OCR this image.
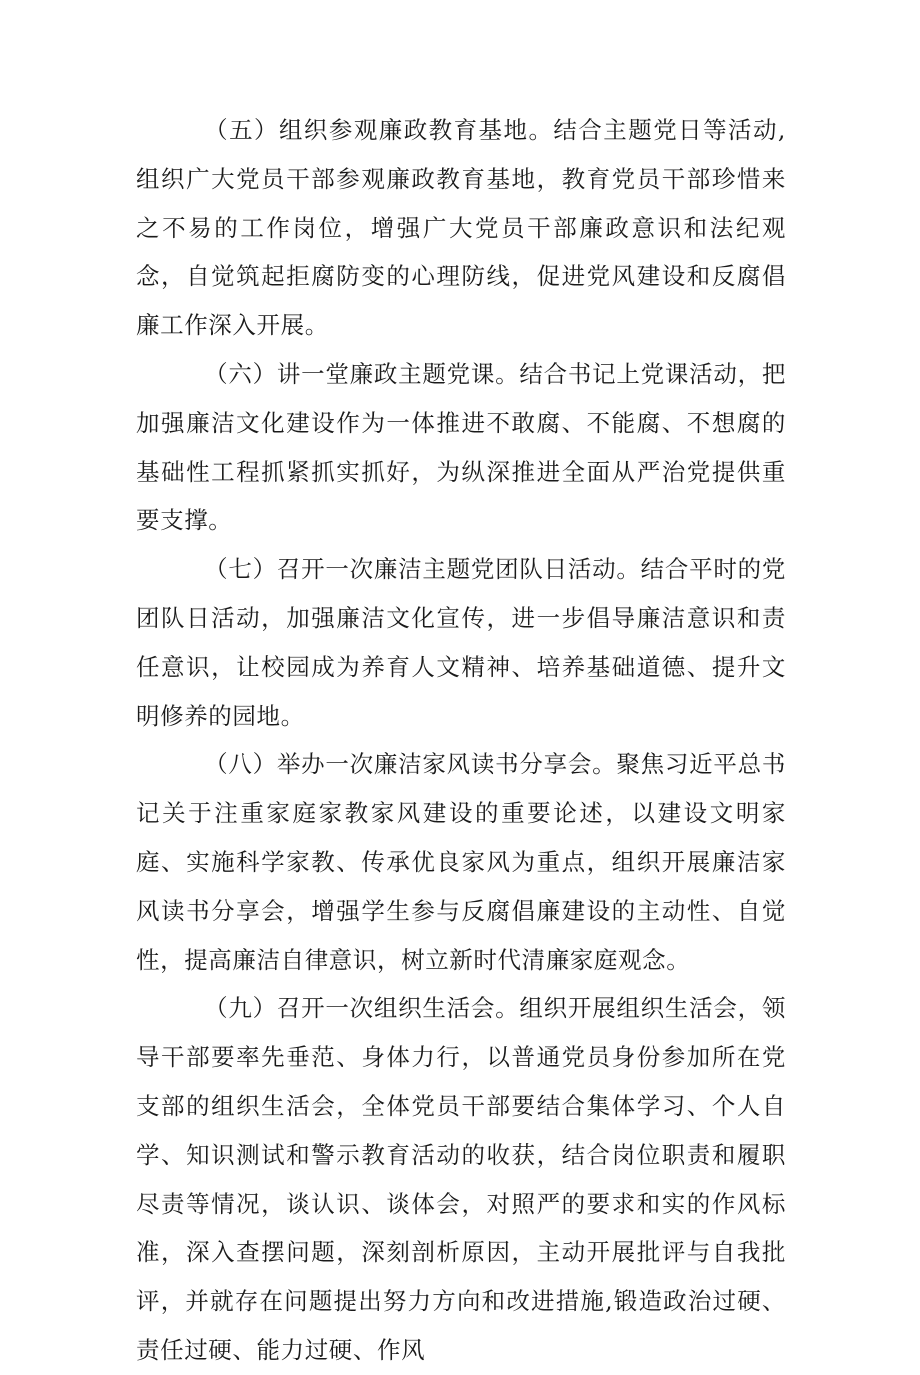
（五）组织参观廉政教育基地。结合主题党日等活动,组织广大党员干部参观廉政教育基地，教育党员干部珍惜来之不易的工作岗位，增强广大党员干部廉政意识和法纪观念，自觉筑起拒腐防变的心理防线，促进党风建设和反腐倡廉工作深入开展。

（六）讲一堂廉政主题党课。结合书记上党课活动，把加强廉洁文化建设作为一体推进不敢腐、不能腐、不想腐的基础性工程抓紧抓实抓好，为纵深推进全面从严治党提供重要支撑。

（七）召开一次廉洁主题党团队日活动。结合平时的党团队日活动，加强廉洁文化宣传，进一步倡导廉洁意识和责任意识，让校园成为养育人文精神、培养基础道德、提升文明修养的园地。

（八）举办一次廉洁家风读书分享会。聚焦习近平总书记关于注重家庭家教家风建设的重要论述，以建设文明家庭、实施科学家教、传承优良家风为重点，组织开展廉洁家风读书分享会，增强学生参与反腐倡廉建设的主动性、自觉性，提高廉洁自律意识，树立新时代清廉家庭观念。

（九）召开一次组织生活会。组织开展组织生活会，领导干部要率先垂范、身体力行，以普通党员身份参加所在党支部的组织生活会，全体党员干部要结合集体学习、个人自学、知识测试和警示教育活动的收获，结合岗位职责和履职尽责等情况，谈认识、谈体会，对照严的要求和实的作风标准，深入查摆问题，深刻剖析原因，主动开展批评与自我批评，并就存在问题提出努力方向和改进措施,锻造政治过硬、责任过硬、能力过硬、作风
